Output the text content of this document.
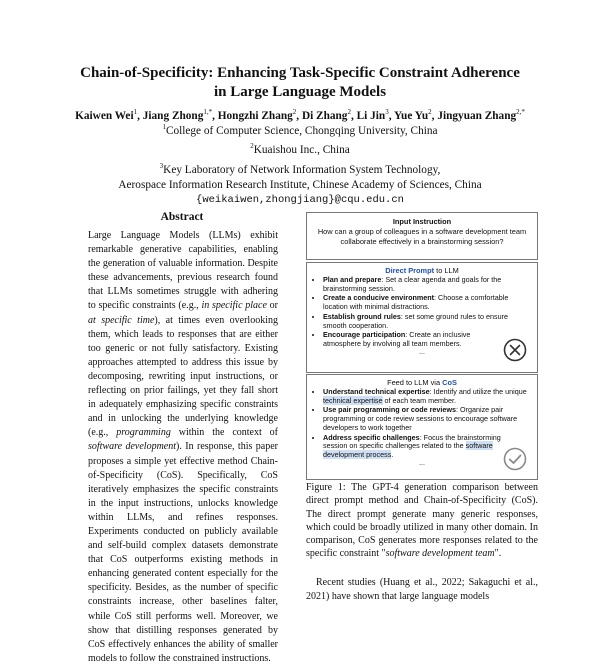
Chain-of-Specificity: Enhancing Task-Specific Constraint Adherence
in Large Language Models
Kaiwen Wei$^1$, Jiang Zhong$^{1,*}$, Hongzhi Zhang$^2$, Di Zhang$^2$, Li Jin$^3$, Yue Yu$^2$, Jingyuan Zhang$^{2,*}$
$^1$College of Computer Science, Chongqing University, China
$^2$Kuaishou Inc., China
$^3$Key Laboratory of Network Information System Technology,
Aerospace Information Research Institute, Chinese Academy of Sciences, China
{weikaiwen,zhongjiang}@cqu.edu.cn
Abstract
Large Language Models (LLMs) exhibit remarkable generative capabilities, enabling the generation of valuable information. Despite these advancements, previous research found that LLMs sometimes struggle with adhering to specific constraints (e.g., in specific place or at specific time), at times even overlooking them, which leads to responses that are either too generic or not fully satisfactory. Existing approaches attempted to address this issue by decomposing, rewriting input instructions, or reflecting on prior failings, yet they fall short in adequately emphasizing specific constraints and in unlocking the underlying knowledge (e.g., programming within the context of software development). In response, this paper proposes a simple yet effective method Chain-of-Specificity (CoS). Specifically, CoS iteratively emphasizes the specific constraints in the input instructions, unlocks knowledge within LLMs, and refines responses. Experiments conducted on publicly available and self-build complex datasets demonstrate that CoS outperforms existing methods in enhancing generated content especially for the specificity. Besides, as the number of specific constraints increase, other baselines falter, while CoS still performs well. Moreover, we show that distilling responses generated by CoS effectively enhances the ability of smaller models to follow the constrained instructions.
Input Instruction
How can a group of colleagues in a software development team collaborate effectively in a brainstorming session?
Direct Prompt to LLM
• Plan and prepare: Set a clear agenda and goals for the brainstorming session.
• Create a conducive environment: Choose a comfortable location with minimal distractions.
• Establish ground rules: set some ground rules to ensure smooth cooperation.
• Encourage participation: Create an inclusive atmosphere by involving all team members.
...
Feed to LLM via CoS
• Understand technical expertise: Identify and utilize the unique technical expertise of each team member.
• Use pair programming or code reviews: Organize pair programming or code review sessions to encourage software developers to work together
• Address specific challenges: Focus the brainstorming session on specific challenges related to the software development process.
...
Figure 1: The GPT-4 generation comparison between direct prompt method and Chain-of-Specificity (CoS). The direct prompt generate many generic responses, which could be broadly utilized in many other domain. In comparison, CoS generates more responses related to the specific constraint "software development team".
Recent studies (Huang et al., 2022; Sakaguchi et al., 2021) have shown that large language models
